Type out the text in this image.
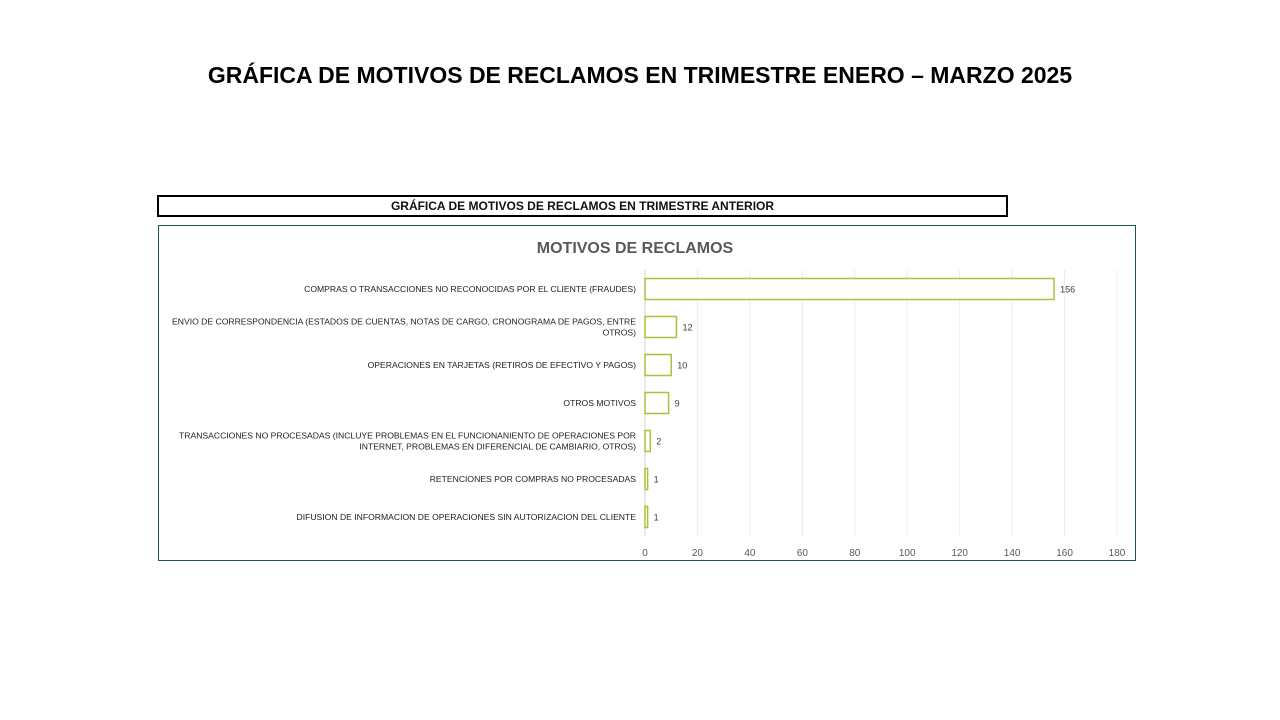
GRÁFICA DE MOTIVOS DE RECLAMOS EN TRIMESTRE ENERO – MARZO 2025
GRÁFICA DE MOTIVOS DE RECLAMOS EN TRIMESTRE ANTERIOR
MOTIVOS DE RECLAMOS
0	20	40	60	80	100	120	140	160	180
156
COMPRAS O TRANSACCIONES NO RECONOCIDAS POR EL CLIENTE (FRAUDES)
12
ENVIO DE CORRESPONDENCIA (ESTADOS DE CUENTAS, NOTAS DE CARGO, CRONOGRAMA DE PAGOS, ENTRE OTROS)
10
OPERACIONES EN TARJETAS (RETIROS DE EFECTIVO Y PAGOS)
9
OTROS MOTIVOS
2
TRANSACCIONES NO PROCESADAS (INCLUYE PROBLEMAS EN EL FUNCIONANIENTO DE OPERACIONES POR INTERNET, PROBLEMAS EN DIFERENCIAL DE CAMBIARIO, OTROS)
1
RETENCIONES POR COMPRAS NO PROCESADAS
1
DIFUSION DE INFORMACION DE OPERACIONES SIN AUTORIZACION DEL CLIENTE
